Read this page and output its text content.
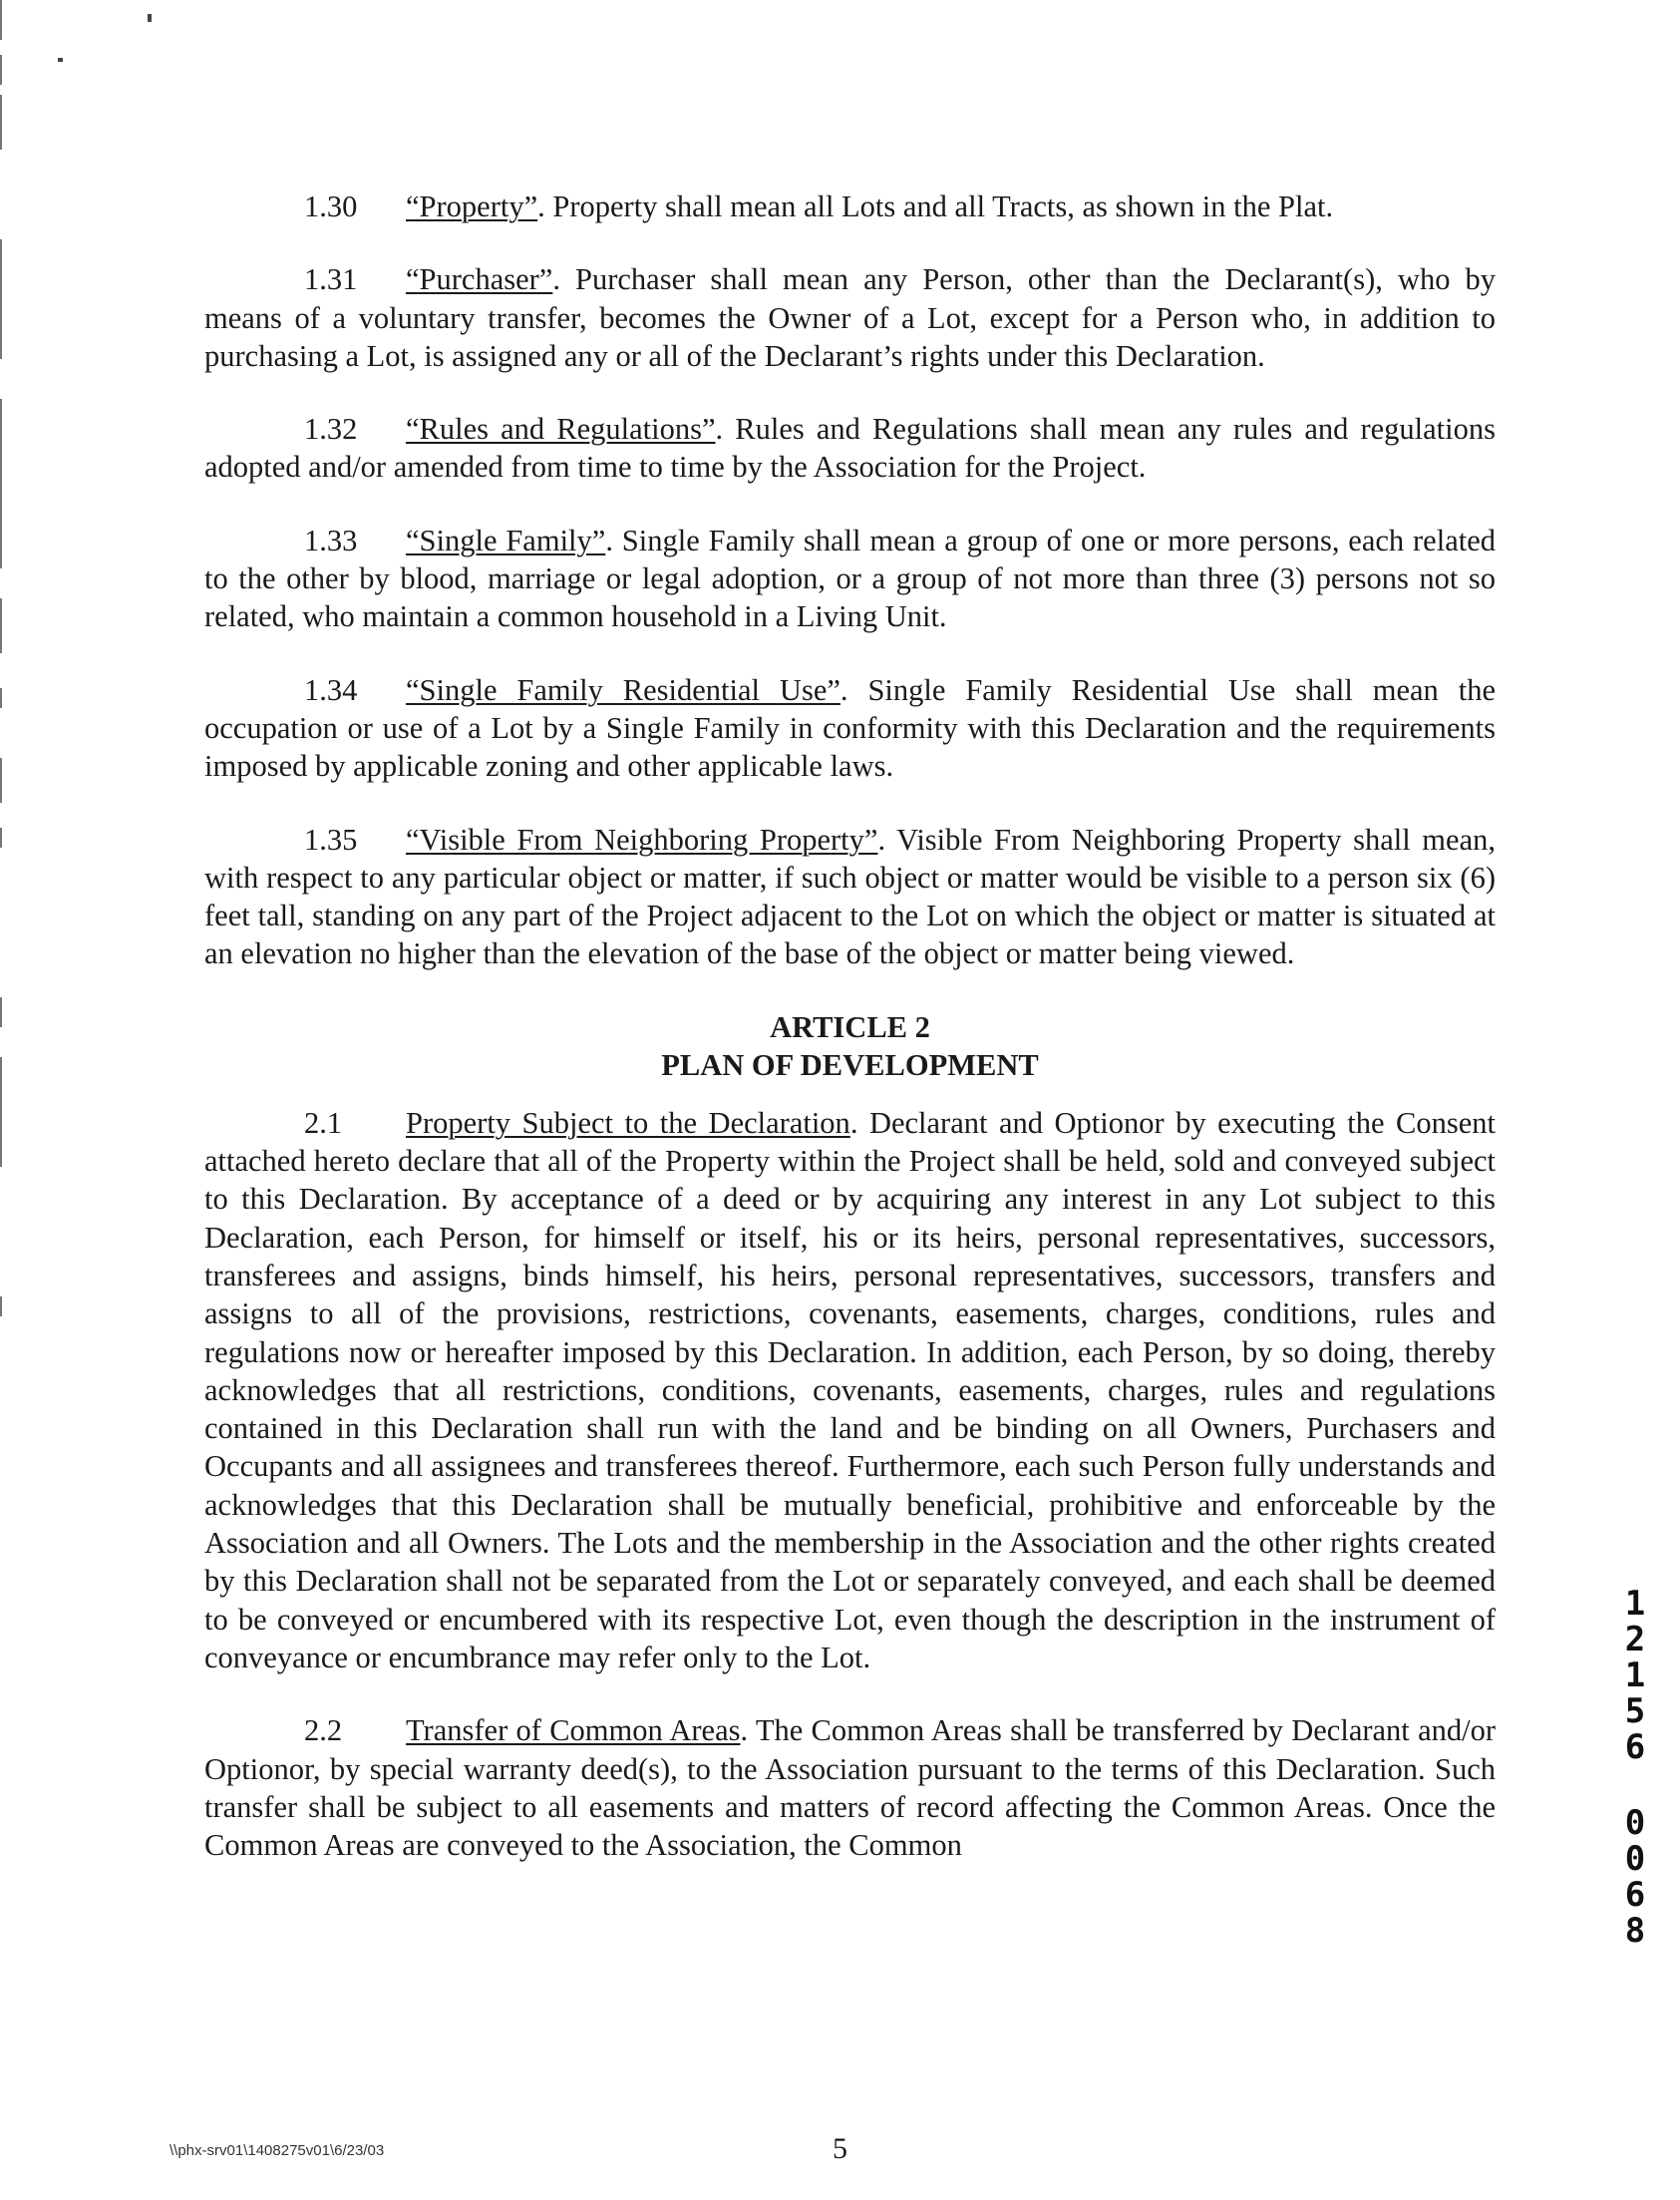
1.30 “Property”. Property shall mean all Lots and all Tracts, as shown in the Plat.

1.31 “Purchaser”. Purchaser shall mean any Person, other than the Declarant(s), who by means of a voluntary transfer, becomes the Owner of a Lot, except for a Person who, in addition to purchasing a Lot, is assigned any or all of the Declarant’s rights under this Declaration.

1.32 “Rules and Regulations”. Rules and Regulations shall mean any rules and regulations adopted and/or amended from time to time by the Association for the Project.

1.33 “Single Family”. Single Family shall mean a group of one or more persons, each related to the other by blood, marriage or legal adoption, or a group of not more than three (3) persons not so related, who maintain a common household in a Living Unit.

1.34 “Single Family Residential Use”. Single Family Residential Use shall mean the occupation or use of a Lot by a Single Family in conformity with this Declaration and the requirements imposed by applicable zoning and other applicable laws.

1.35 “Visible From Neighboring Property”. Visible From Neighboring Property shall mean, with respect to any particular object or matter, if such object or matter would be visible to a person six (6) feet tall, standing on any part of the Project adjacent to the Lot on which the object or matter is situated at an elevation no higher than the elevation of the base of the object or matter being viewed.

ARTICLE 2
PLAN OF DEVELOPMENT

2.1 Property Subject to the Declaration. Declarant and Optionor by executing the Consent attached hereto declare that all of the Property within the Project shall be held, sold and conveyed subject to this Declaration. By acceptance of a deed or by acquiring any interest in any Lot subject to this Declaration, each Person, for himself or itself, his or its heirs, personal representatives, successors, transferees and assigns, binds himself, his heirs, personal representatives, successors, transfers and assigns to all of the provisions, restrictions, covenants, easements, charges, conditions, rules and regulations now or hereafter imposed by this Declaration. In addition, each Person, by so doing, thereby acknowledges that all restrictions, conditions, covenants, easements, charges, rules and regulations contained in this Declaration shall run with the land and be binding on all Owners, Purchasers and Occupants and all assignees and transferees thereof. Furthermore, each such Person fully understands and acknowledges that this Declaration shall be mutually beneficial, prohibitive and enforceable by the Association and all Owners. The Lots and the membership in the Association and the other rights created by this Declaration shall not be separated from the Lot or separately conveyed, and each shall be deemed to be conveyed or encumbered with its respective Lot, even though the description in the instrument of conveyance or encumbrance may refer only to the Lot.

2.2 Transfer of Common Areas. The Common Areas shall be transferred by Declarant and/or Optionor, by special warranty deed(s), to the Association pursuant to the terms of this Declaration. Such transfer shall be subject to all easements and matters of record affecting the Common Areas. Once the Common Areas are conveyed to the Association, the Common

1
2
1
5
6
0
0
6
8
\\phx-srv01\1408275v01\6/23/03	5
